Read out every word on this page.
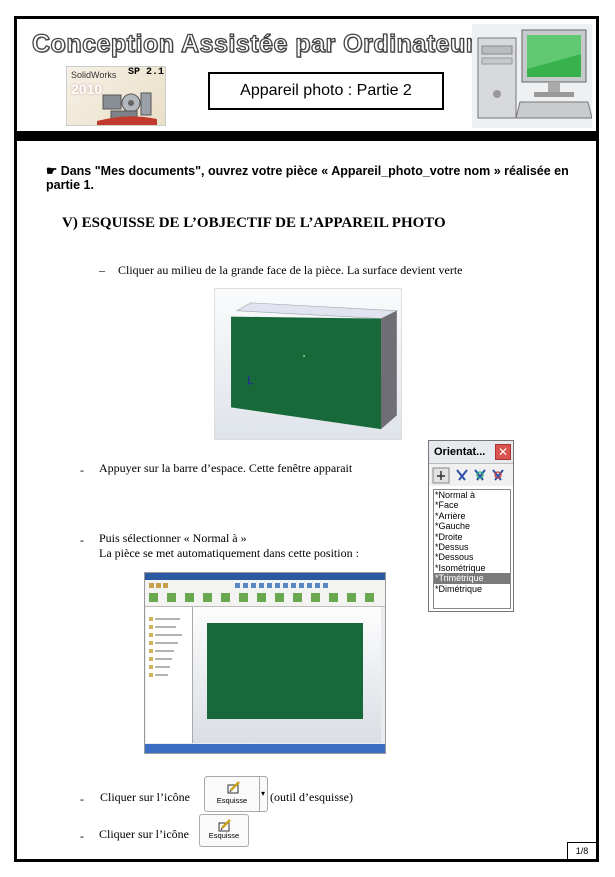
Conception Assistée par Ordinateur
SolidWorks
2010
SP 2.1
Appareil photo : Partie 2
☛ Dans "Mes documents", ouvrez votre pièce « Appareil_photo_votre nom » réalisée en partie 1.
V) ESQUISSE DE L’OBJECTIF DE L’APPAREIL PHOTO
– Cliquer au milieu de la grande face de la pièce. La surface devient verte
- Appuyer sur la barre d’espace. Cette fenêtre apparait
Orientat... ✕
*Normal à
*Face
*Arrière
*Gauche
*Droite
*Dessus
*Dessous
*Isométrique
*Trimétrique
*Dimétrique
- Puis sélectionner « Normal à »
La pièce se met automatiquement dans cette position :
- Cliquer sur l’icône	Esquisse
▾ (outil d’esquisse)
- Cliquer sur l’icône	Esquisse
1/8
